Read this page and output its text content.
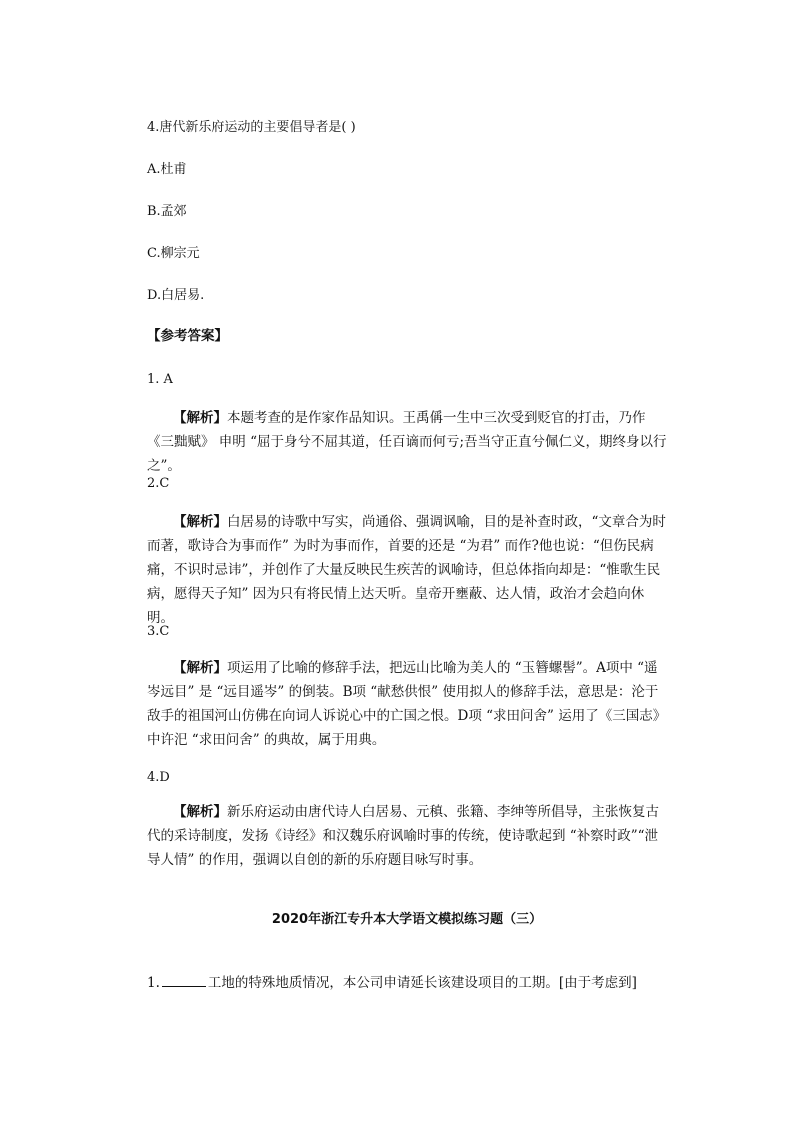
4.唐代新乐府运动的主要倡导者是( )
A.杜甫
B.孟郊
C.柳宗元
D.白居易.
【参考答案】
1. A

【解析】本题考查的是作家作品知识。王禹偁一生中三次受到贬官的打击，乃作《三黜赋》 申明 “屈于身兮不屈其道，任百谪而何亏;吾当守正直兮佩仁义，期终身以行之”。

2.C

【解析】白居易的诗歌中写实，尚通俗、强调讽喻，目的是补查时政，“文章合为时而著，歌诗合为事而作” 为时为事而作，首要的还是 “为君” 而作?他也说：“但伤民病痛，不识时忌讳”，并创作了大量反映民生疾苦的讽喻诗，但总体指向却是：“惟歌生民病，愿得天子知” 因为只有将民情上达天听。皇帝开壅蔽、达人情，政治才会趋向休明。

3.C

【解析】项运用了比喻的修辞手法，把远山比喻为美人的 “玉簪螺髻”。A项中 “遥岑远目” 是 “远目遥岑” 的倒装。B项 “献愁供恨” 使用拟人的修辞手法，意思是：沦于敌手的祖国河山仿佛在向词人诉说心中的亡国之恨。D项 “求田问舍” 运用了《三国志》中许汜 “求田问舍” 的典故，属于用典。

4.D

【解析】新乐府运动由唐代诗人白居易、元稹、张籍、李绅等所倡导，主张恢复古代的采诗制度，发扬《诗经》和汉魏乐府讽喻时事的传统，使诗歌起到 “补察时政”“泄导人情” 的作用，强调以自创的新的乐府题目咏写时事。

2020年浙江专升本大学语文模拟练习题（三）
1.	工地的特殊地质情况，本公司申请延长该建设项目的工期。[由于考虑到]
